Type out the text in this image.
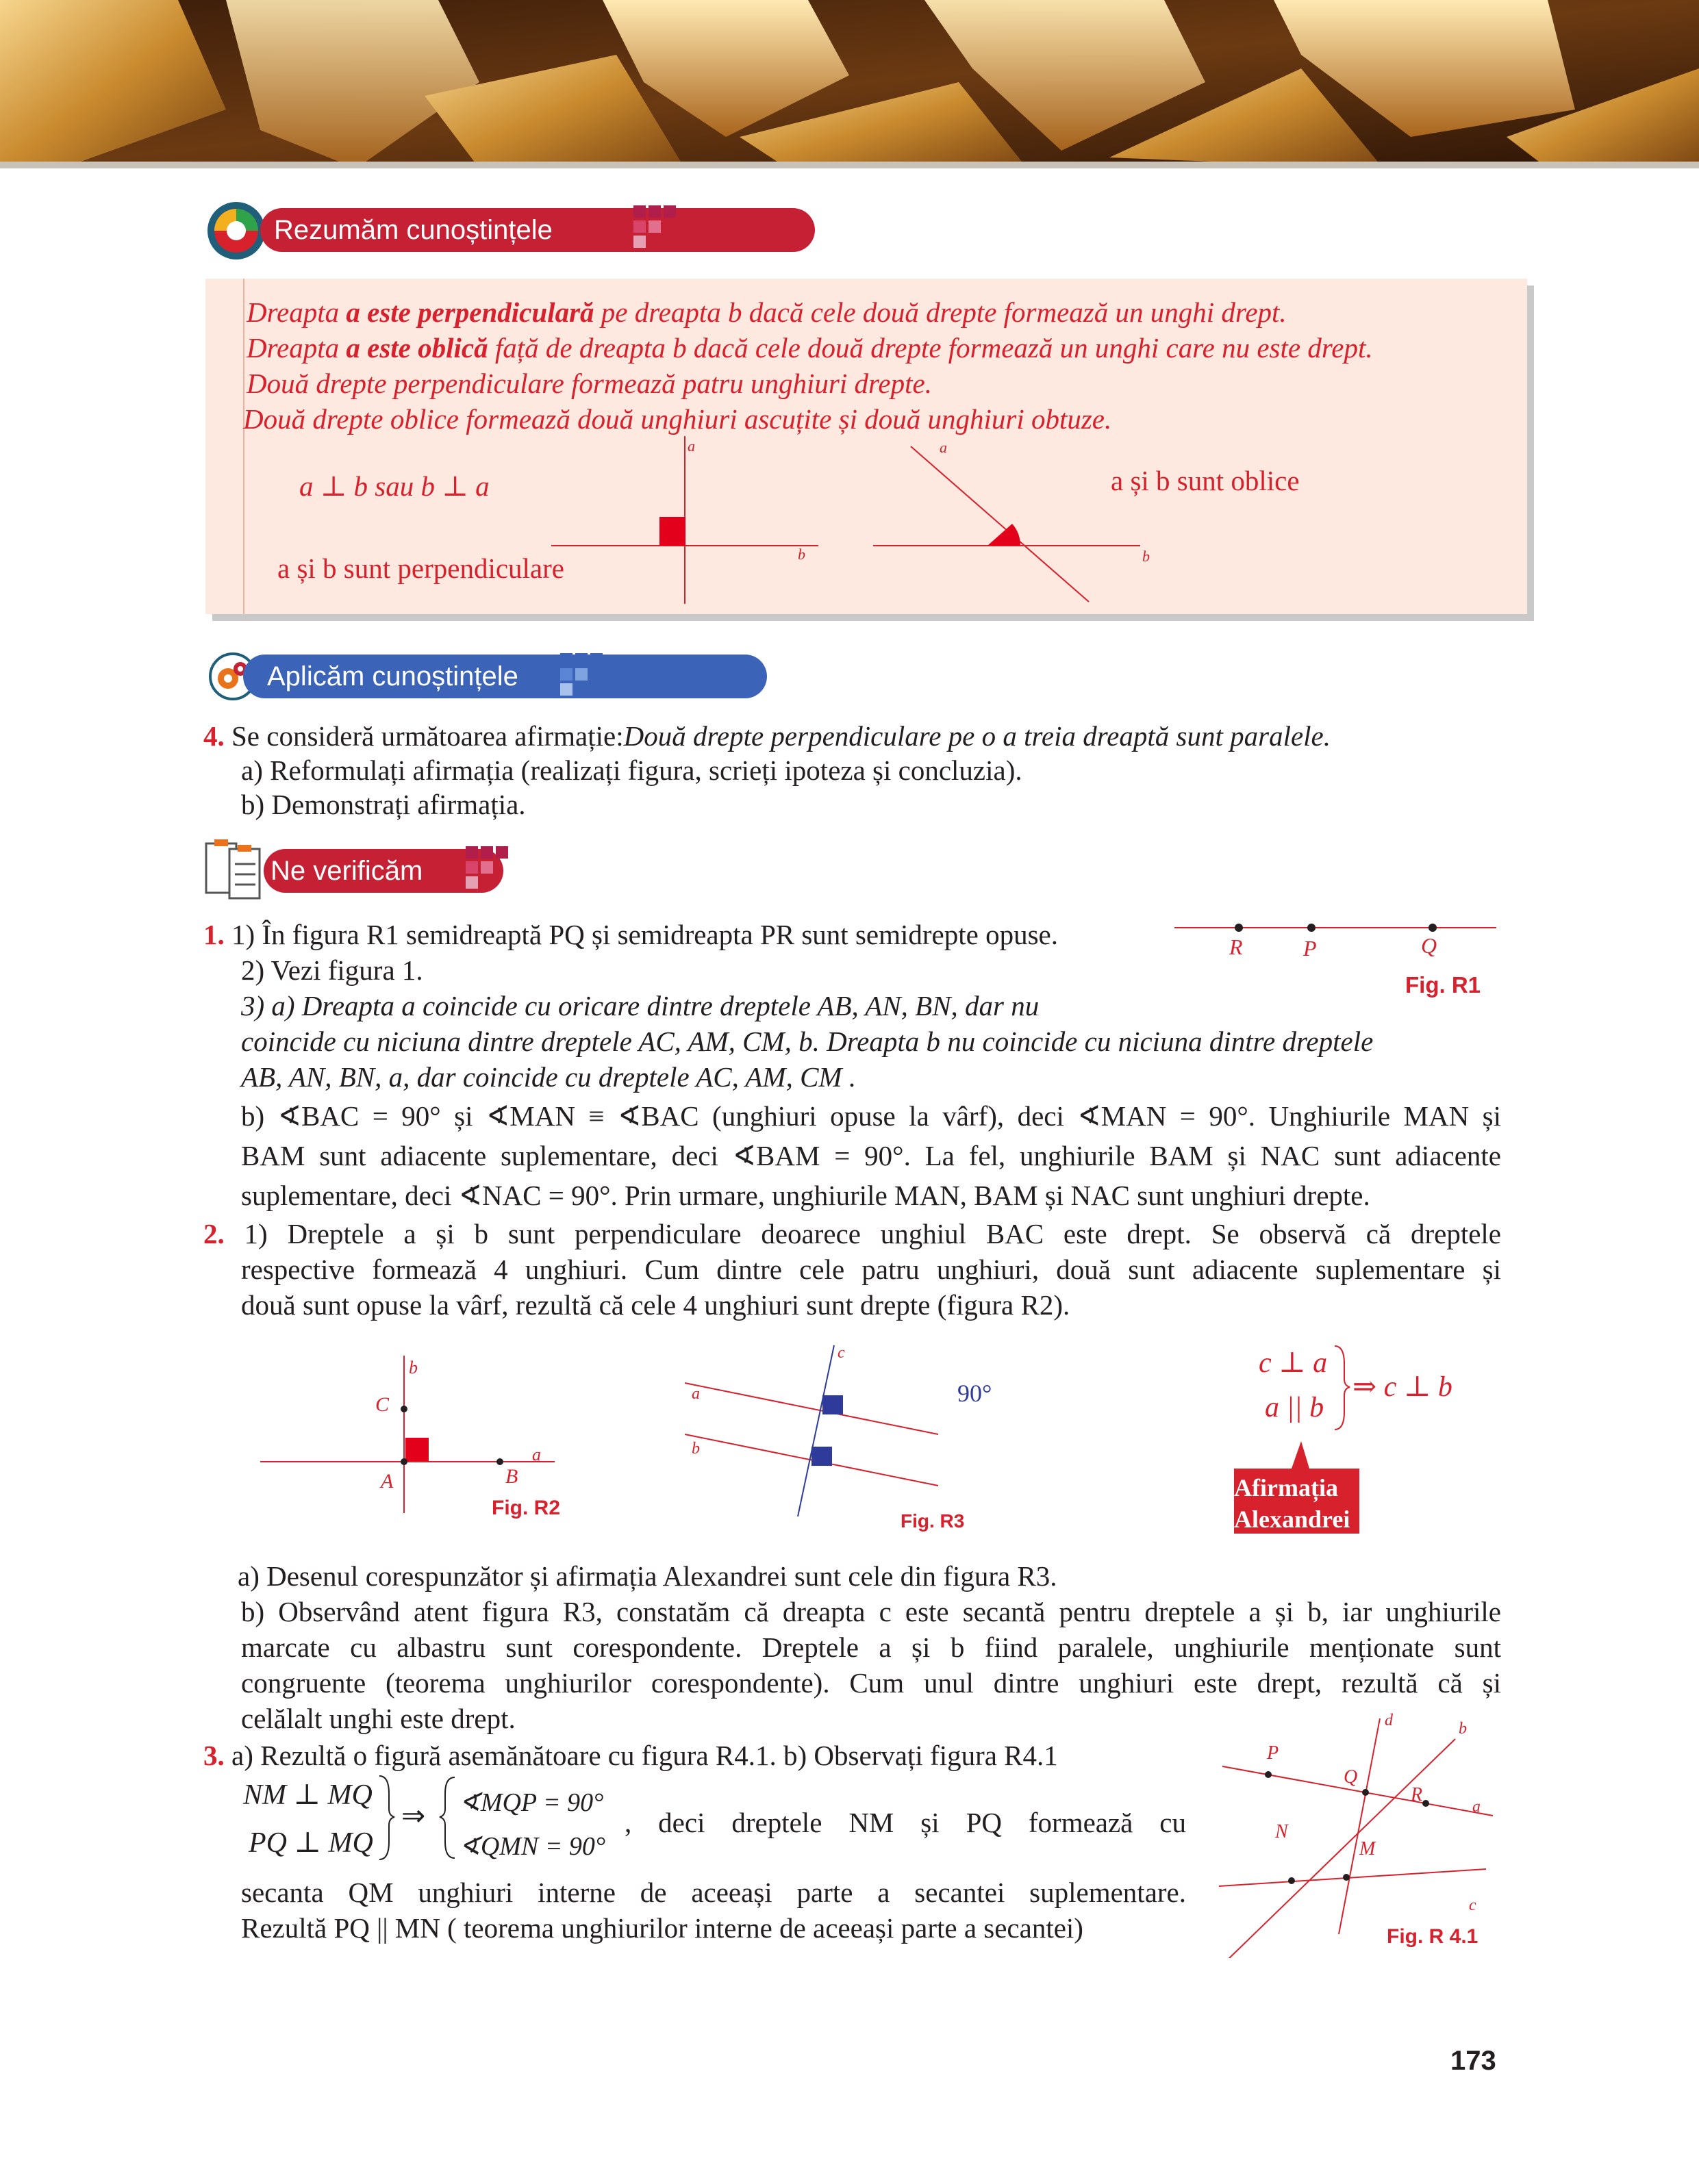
Rezumăm cunoștințele
Dreapta a este perpendiculară pe dreapta b dacă cele două drepte formează un unghi drept.
Dreapta a este oblică față de dreapta b dacă cele două drepte formează un unghi care nu este drept.
Două drepte perpendiculare formează patru unghiuri drepte.
Două drepte oblice formează două unghiuri ascuțite și două unghiuri obtuze.
a ⊥ b sau b ⊥ a
a și b sunt perpendiculare
a și b sunt oblice
a
b
a
b
Aplicăm cunoștințele
4. Se consideră următoarea afirmație:Două drepte perpendiculare pe o a treia dreaptă sunt paralele.
a) Reformulați afirmația (realizați figura, scrieți ipoteza și concluzia).
b) Demonstrați afirmația.
Ne verificăm
1. 1) În figura R1 semidreaptă PQ și semidreapta PR sunt semidrepte opuse.
2) Vezi figura 1.
3) a) Dreapta a coincide cu oricare dintre dreptele AB, AN, BN, dar nu
coincide cu niciuna dintre dreptele AC, AM, CM, b. Dreapta b nu coincide cu niciuna dintre dreptele
AB, AN, BN, a, dar coincide cu dreptele AC, AM, CM .
b) ∢BAC = 90° și ∢MAN ≡ ∢BAC (unghiuri opuse la vârf), deci ∢MAN = 90°. Unghiurile MAN și
BAM sunt adiacente suplementare, deci ∢BAM = 90°. La fel, unghiurile BAM și NAC sunt adiacente
suplementare, deci ∢NAC = 90°. Prin urmare, unghiurile MAN, BAM și NAC sunt unghiuri drepte.
R	P	Q
Fig. R1
2. 1) Dreptele a și b sunt perpendiculare deoarece unghiul BAC este drept. Se observă că dreptele
respective formează 4 unghiuri. Cum dintre cele patru unghiuri, două sunt adiacente suplementare și
două sunt opuse la vârf, rezultă că cele 4 unghiuri sunt drepte (figura R2).
b
C
A	B
a
Fig. R2
c
a
b
90°
Fig. R3
c ⊥ a
a || b
⇒ c ⊥ b
Afirmația
Alexandrei
a) Desenul corespunzător și afirmația Alexandrei sunt cele din figura R3.
b) Observând atent figura R3, constatăm că dreapta c este secantă pentru dreptele a și b, iar unghiurile
marcate cu albastru sunt corespondente. Dreptele a și b fiind paralele, unghiurile menționate sunt
congruente (teorema unghiurilor corespondente). Cum unul dintre unghiuri este drept, rezultă că și
celălalt unghi este drept.
3. a) Rezultă o figură asemănătoare cu figura R4.1. b) Observați figura R4.1
NM ⊥ MQ
PQ ⊥ MQ
⇒ ∢MQP = 90°
∢QMN = 90°
, deci dreptele NM și PQ formează cu
secanta QM unghiuri interne de aceeași parte a secantei suplementare.
Rezultă PQ || MN ( teorema unghiurilor interne de aceeași parte a secantei)
d	b
P
Q
R
a
N
M
c
Fig. R 4.1
173
